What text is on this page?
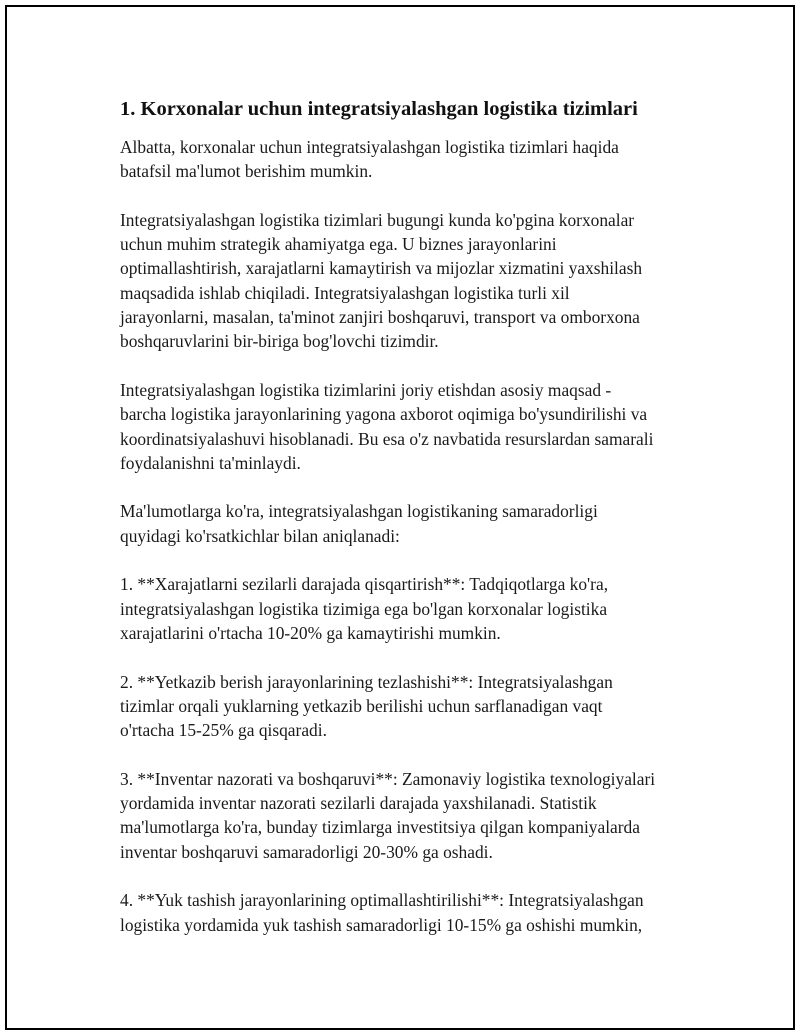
1. Korxonalar uchun integratsiyalashgan logistika tizimlari
Albatta, korxonalar uchun integratsiyalashgan logistika tizimlari haqida
batafsil ma'lumot berishim mumkin.
Integratsiyalashgan logistika tizimlari bugungi kunda ko'pgina korxonalar
uchun muhim strategik ahamiyatga ega. U biznes jarayonlarini
optimallashtirish, xarajatlarni kamaytirish va mijozlar xizmatini yaxshilash
maqsadida ishlab chiqiladi. Integratsiyalashgan logistika turli xil
jarayonlarni, masalan, ta'minot zanjiri boshqaruvi, transport va omborxona
boshqaruvlarini bir-biriga bog'lovchi tizimdir.
Integratsiyalashgan logistika tizimlarini joriy etishdan asosiy maqsad -
barcha logistika jarayonlarining yagona axborot oqimiga bo'ysundirilishi va
koordinatsiyalashuvi hisoblanadi. Bu esa o'z navbatida resurslardan samarali
foydalanishni ta'minlaydi.
Ma'lumotlarga ko'ra, integratsiyalashgan logistikaning samaradorligi
quyidagi ko'rsatkichlar bilan aniqlanadi:
1. **Xarajatlarni sezilarli darajada qisqartirish**: Tadqiqotlarga ko'ra,
integratsiyalashgan logistika tizimiga ega bo'lgan korxonalar logistika
xarajatlarini o'rtacha 10-20% ga kamaytirishi mumkin.
2. **Yetkazib berish jarayonlarining tezlashishi**: Integratsiyalashgan
tizimlar orqali yuklarning yetkazib berilishi uchun sarflanadigan vaqt
o'rtacha 15-25% ga qisqaradi.
3. **Inventar nazorati va boshqaruvi**: Zamonaviy logistika texnologiyalari
yordamida inventar nazorati sezilarli darajada yaxshilanadi. Statistik
ma'lumotlarga ko'ra, bunday tizimlarga investitsiya qilgan kompaniyalarda
inventar boshqaruvi samaradorligi 20-30% ga oshadi.
4. **Yuk tashish jarayonlarining optimallashtirilishi**: Integratsiyalashgan
logistika yordamida yuk tashish samaradorligi 10-15% ga oshishi mumkin,
